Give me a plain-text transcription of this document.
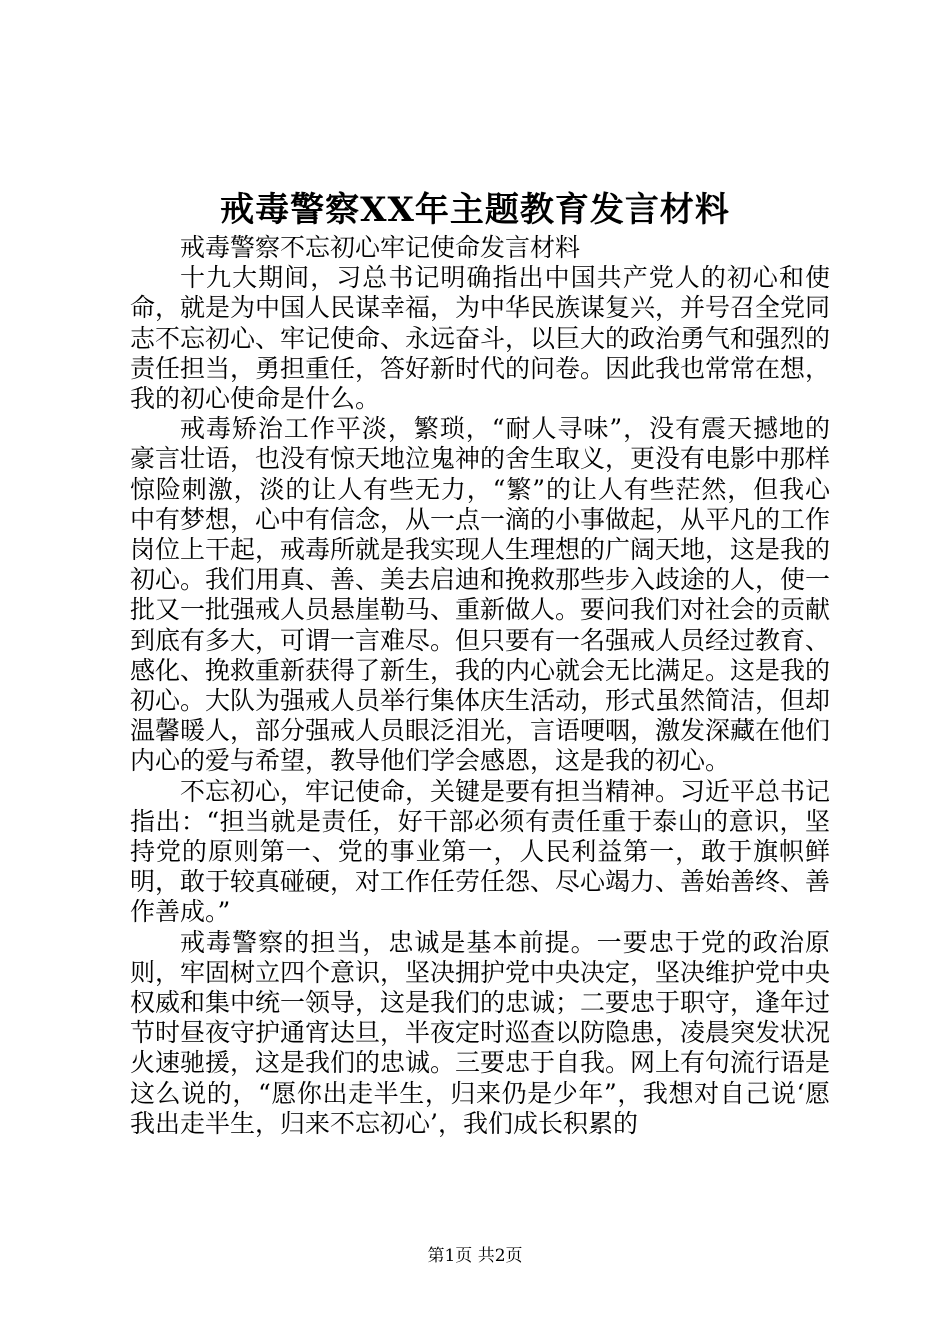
戒毒警察XX年主题教育发言材料

戒毒警察不忘初心牢记使命发言材料

十九大期间，习总书记明确指出中国共产党人的初心和使命，就是为中国人民谋幸福，为中华民族谋复兴，并号召全党同志不忘初心、牢记使命、永远奋斗，以巨大的政治勇气和强烈的责任担当，勇担重任，答好新时代的问卷。因此我也常常在想，我的初心使命是什么。

戒毒矫治工作平淡，繁琐，“耐人寻味”，没有震天撼地的豪言壮语，也没有惊天地泣鬼神的舍生取义，更没有电影中那样惊险刺激，淡的让人有些无力，“繁”的让人有些茫然，但我心中有梦想，心中有信念，从一点一滴的小事做起，从平凡的工作岗位上干起，戒毒所就是我实现人生理想的广阔天地，这是我的初心。我们用真、善、美去启迪和挽救那些步入歧途的人，使一批又一批强戒人员悬崖勒马、重新做人。要问我们对社会的贡献到底有多大，可谓一言难尽。但只要有一名强戒人员经过教育、感化、挽救重新获得了新生，我的内心就会无比满足。这是我的初心。大队为强戒人员举行集体庆生活动，形式虽然简洁，但却温馨暖人，部分强戒人员眼泛泪光，言语哽咽，激发深藏在他们内心的爱与希望，教导他们学会感恩，这是我的初心。

不忘初心，牢记使命，关键是要有担当精神。习近平总书记指出：“担当就是责任，好干部必须有责任重于泰山的意识，坚持党的原则第一、党的事业第一，人民利益第一，敢于旗帜鲜明，敢于较真碰硬，对工作任劳任怨、尽心竭力、善始善终、善作善成。”

戒毒警察的担当，忠诚是基本前提。一要忠于党的政治原则，牢固树立四个意识，坚决拥护党中央决定，坚决维护党中央权威和集中统一领导，这是我们的忠诚；二要忠于职守，逢年过节时昼夜守护通宵达旦，半夜定时巡查以防隐患，凌晨突发状况火速驰援，这是我们的忠诚。三要忠于自我。网上有句流行语是这么说的，“愿你出走半生，归来仍是少年”，我想对自己说‘愿我出走半生，归来不忘初心’，我们成长积累的

第1页 共2页
